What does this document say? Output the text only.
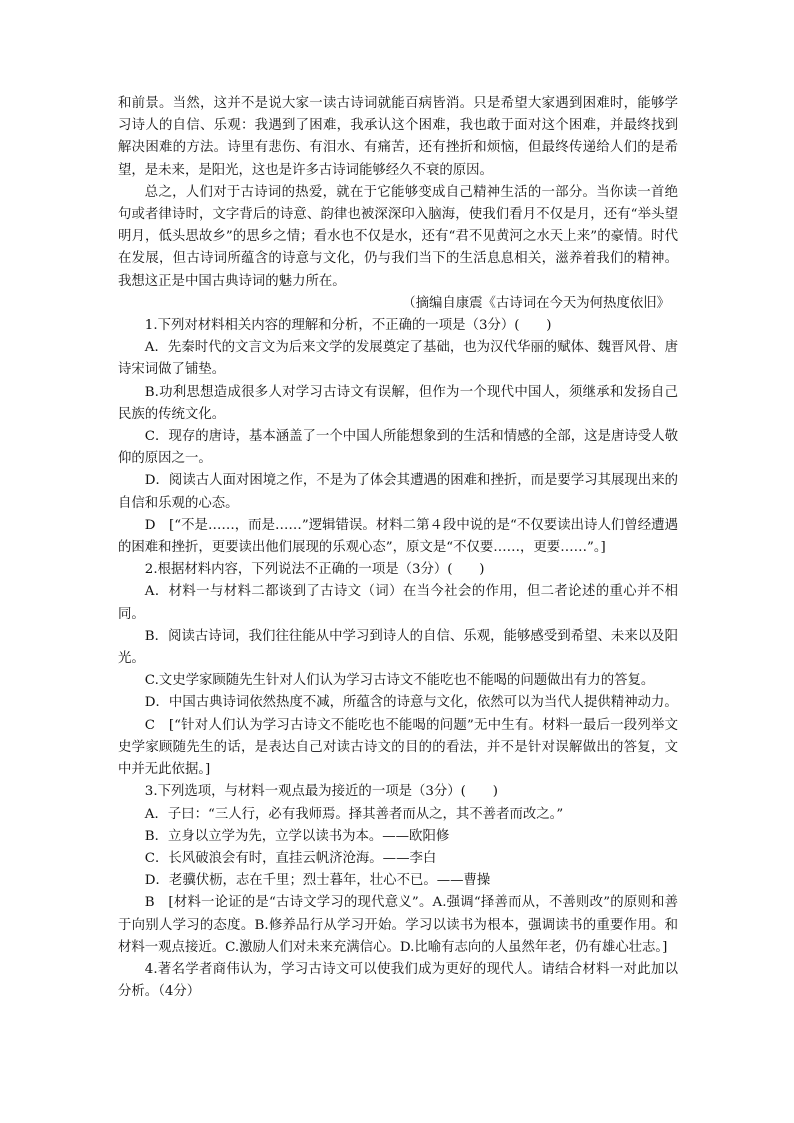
和前景。当然，这并不是说大家一读古诗词就能百病皆消。只是希望大家遇到困难时，能够学习诗人的自信、乐观：我遇到了困难，我承认这个困难，我也敢于面对这个困难，并最终找到解决困难的方法。诗里有悲伤、有泪水、有痛苦，还有挫折和烦恼，但最终传递给人们的是希望，是未来，是阳光，这也是许多古诗词能够经久不衰的原因。

总之，人们对于古诗词的热爱，就在于它能够变成自己精神生活的一部分。当你读一首绝句或者律诗时，文字背后的诗意、韵律也被深深印入脑海，使我们看月不仅是月，还有“举头望明月，低头思故乡”的思乡之情；看水也不仅是水，还有“君不见黄河之水天上来”的豪情。时代在发展，但古诗词所蕴含的诗意与文化，仍与我们当下的生活息息相关，滋养着我们的精神。我想这正是中国古典诗词的魅力所在。

（摘编自康震《古诗词在今天为何热度依旧》

1.下列对材料相关内容的理解和分析，不正确的一项是（3分）(　　)

A．先秦时代的文言文为后来文学的发展奠定了基础，也为汉代华丽的赋体、魏晋风骨、唐诗宋词做了铺垫。

B.功利思想造成很多人对学习古诗文有误解，但作为一个现代中国人，须继承和发扬自己民族的传统文化。

C．现存的唐诗，基本涵盖了一个中国人所能想象到的生活和情感的全部，这是唐诗受人敬仰的原因之一。

D．阅读古人面对困境之作，不是为了体会其遭遇的困难和挫折，而是要学习其展现出来的自信和乐观的心态。

D　[“不是……，而是……”逻辑错误。材料二第４段中说的是“不仅要读出诗人们曾经遭遇的困难和挫折，更要读出他们展现的乐观心态”，原文是“不仅要……，更要……”。]

2.根据材料内容，下列说法不正确的一项是（3分）(　　)

A．材料一与材料二都谈到了古诗文（词）在当今社会的作用，但二者论述的重心并不相同。

B．阅读古诗词，我们往往能从中学习到诗人的自信、乐观，能够感受到希望、未来以及阳光。

C.文史学家顾随先生针对人们认为学习古诗文不能吃也不能喝的问题做出有力的答复。

D．中国古典诗词依然热度不减，所蕴含的诗意与文化，依然可以为当代人提供精神动力。

C　[“针对人们认为学习古诗文不能吃也不能喝的问题”无中生有。材料一最后一段列举文史学家顾随先生的话，是表达自己对读古诗文的目的的看法，并不是针对误解做出的答复，文中并无此依据。]

3.下列选项，与材料一观点最为接近的一项是（3分）(　　)

A．子曰：“三人行，必有我师焉。择其善者而从之，其不善者而改之。”

B．立身以立学为先，立学以读书为本。——欧阳修

C．长风破浪会有时，直挂云帆济沧海。——李白

D．老骥伏枥，志在千里；烈士暮年，壮心不已。——曹操

B　[材料一论证的是“古诗文学习的现代意义”。A.强调“择善而从，不善则改”的原则和善于向别人学习的态度。B.修养品行从学习开始。学习以读书为根本，强调读书的重要作用。和材料一观点接近。C.激励人们对未来充满信心。D.比喻有志向的人虽然年老，仍有雄心壮志。]

4.著名学者商伟认为，学习古诗文可以使我们成为更好的现代人。请结合材料一对此加以分析。（4分）
